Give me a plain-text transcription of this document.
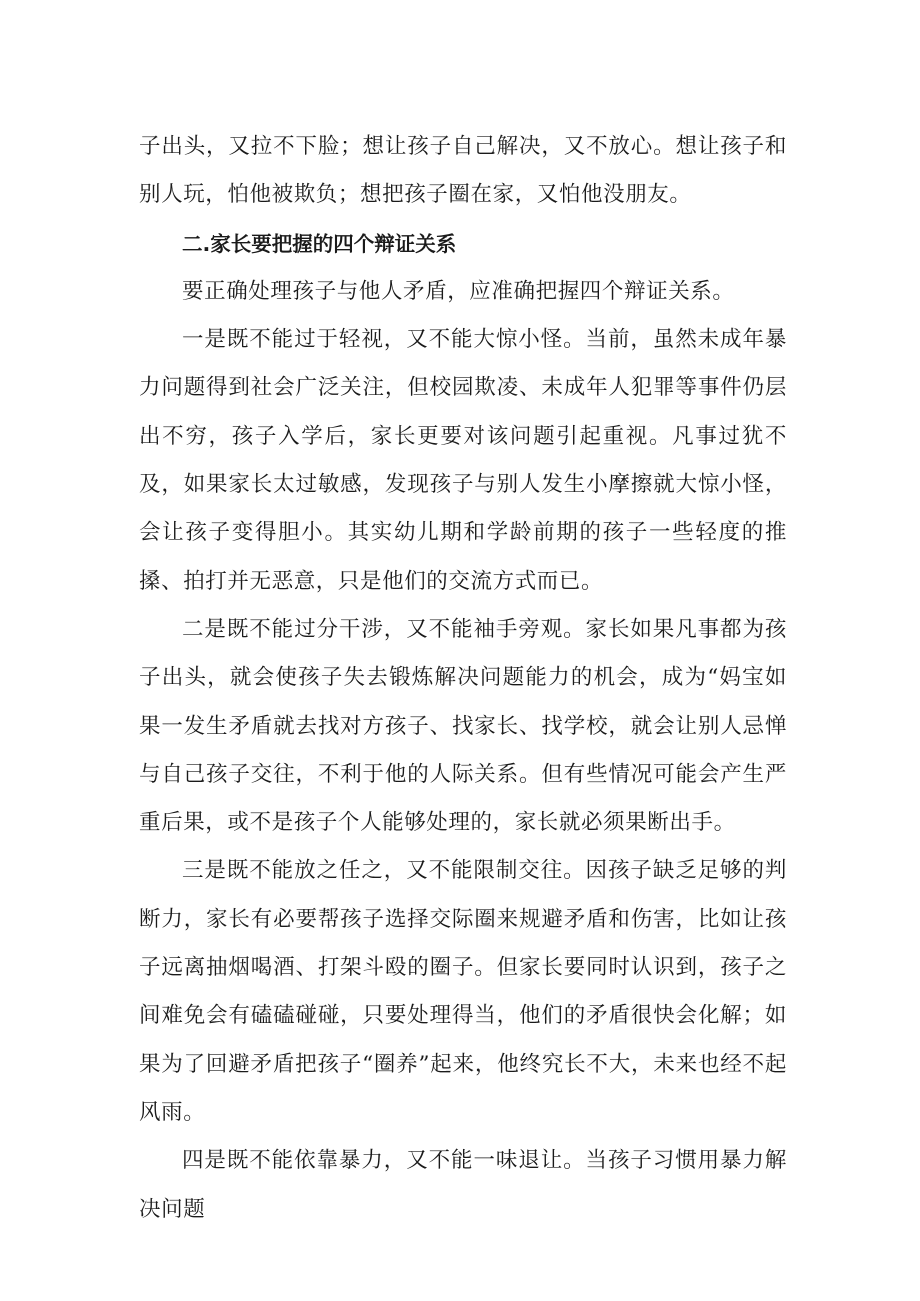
子出头，又拉不下脸；想让孩子自己解决，又不放心。想让孩子和别人玩，怕他被欺负；想把孩子圈在家，又怕他没朋友。

二.家长要把握的四个辩证关系

要正确处理孩子与他人矛盾，应准确把握四个辩证关系。

一是既不能过于轻视，又不能大惊小怪。当前，虽然未成年暴力问题得到社会广泛关注，但校园欺凌、未成年人犯罪等事件仍层出不穷，孩子入学后，家长更要对该问题引起重视。凡事过犹不及，如果家长太过敏感，发现孩子与别人发生小摩擦就大惊小怪，会让孩子变得胆小。其实幼儿期和学龄前期的孩子一些轻度的推搡、拍打并无恶意，只是他们的交流方式而已。

二是既不能过分干涉，又不能袖手旁观。家长如果凡事都为孩子出头，就会使孩子失去锻炼解决问题能力的机会，成为“妈宝如果一发生矛盾就去找对方孩子、找家长、找学校，就会让别人忌惮与自己孩子交往，不利于他的人际关系。但有些情况可能会产生严重后果，或不是孩子个人能够处理的，家长就必须果断出手。

三是既不能放之任之，又不能限制交往。因孩子缺乏足够的判断力，家长有必要帮孩子选择交际圈来规避矛盾和伤害，比如让孩子远离抽烟喝酒、打架斗殴的圈子。但家长要同时认识到，孩子之间难免会有磕磕碰碰，只要处理得当，他们的矛盾很快会化解；如果为了回避矛盾把孩子“圈养”起来，他终究长不大，未来也经不起风雨。

四是既不能依靠暴力，又不能一味退让。当孩子习惯用暴力解决问题
